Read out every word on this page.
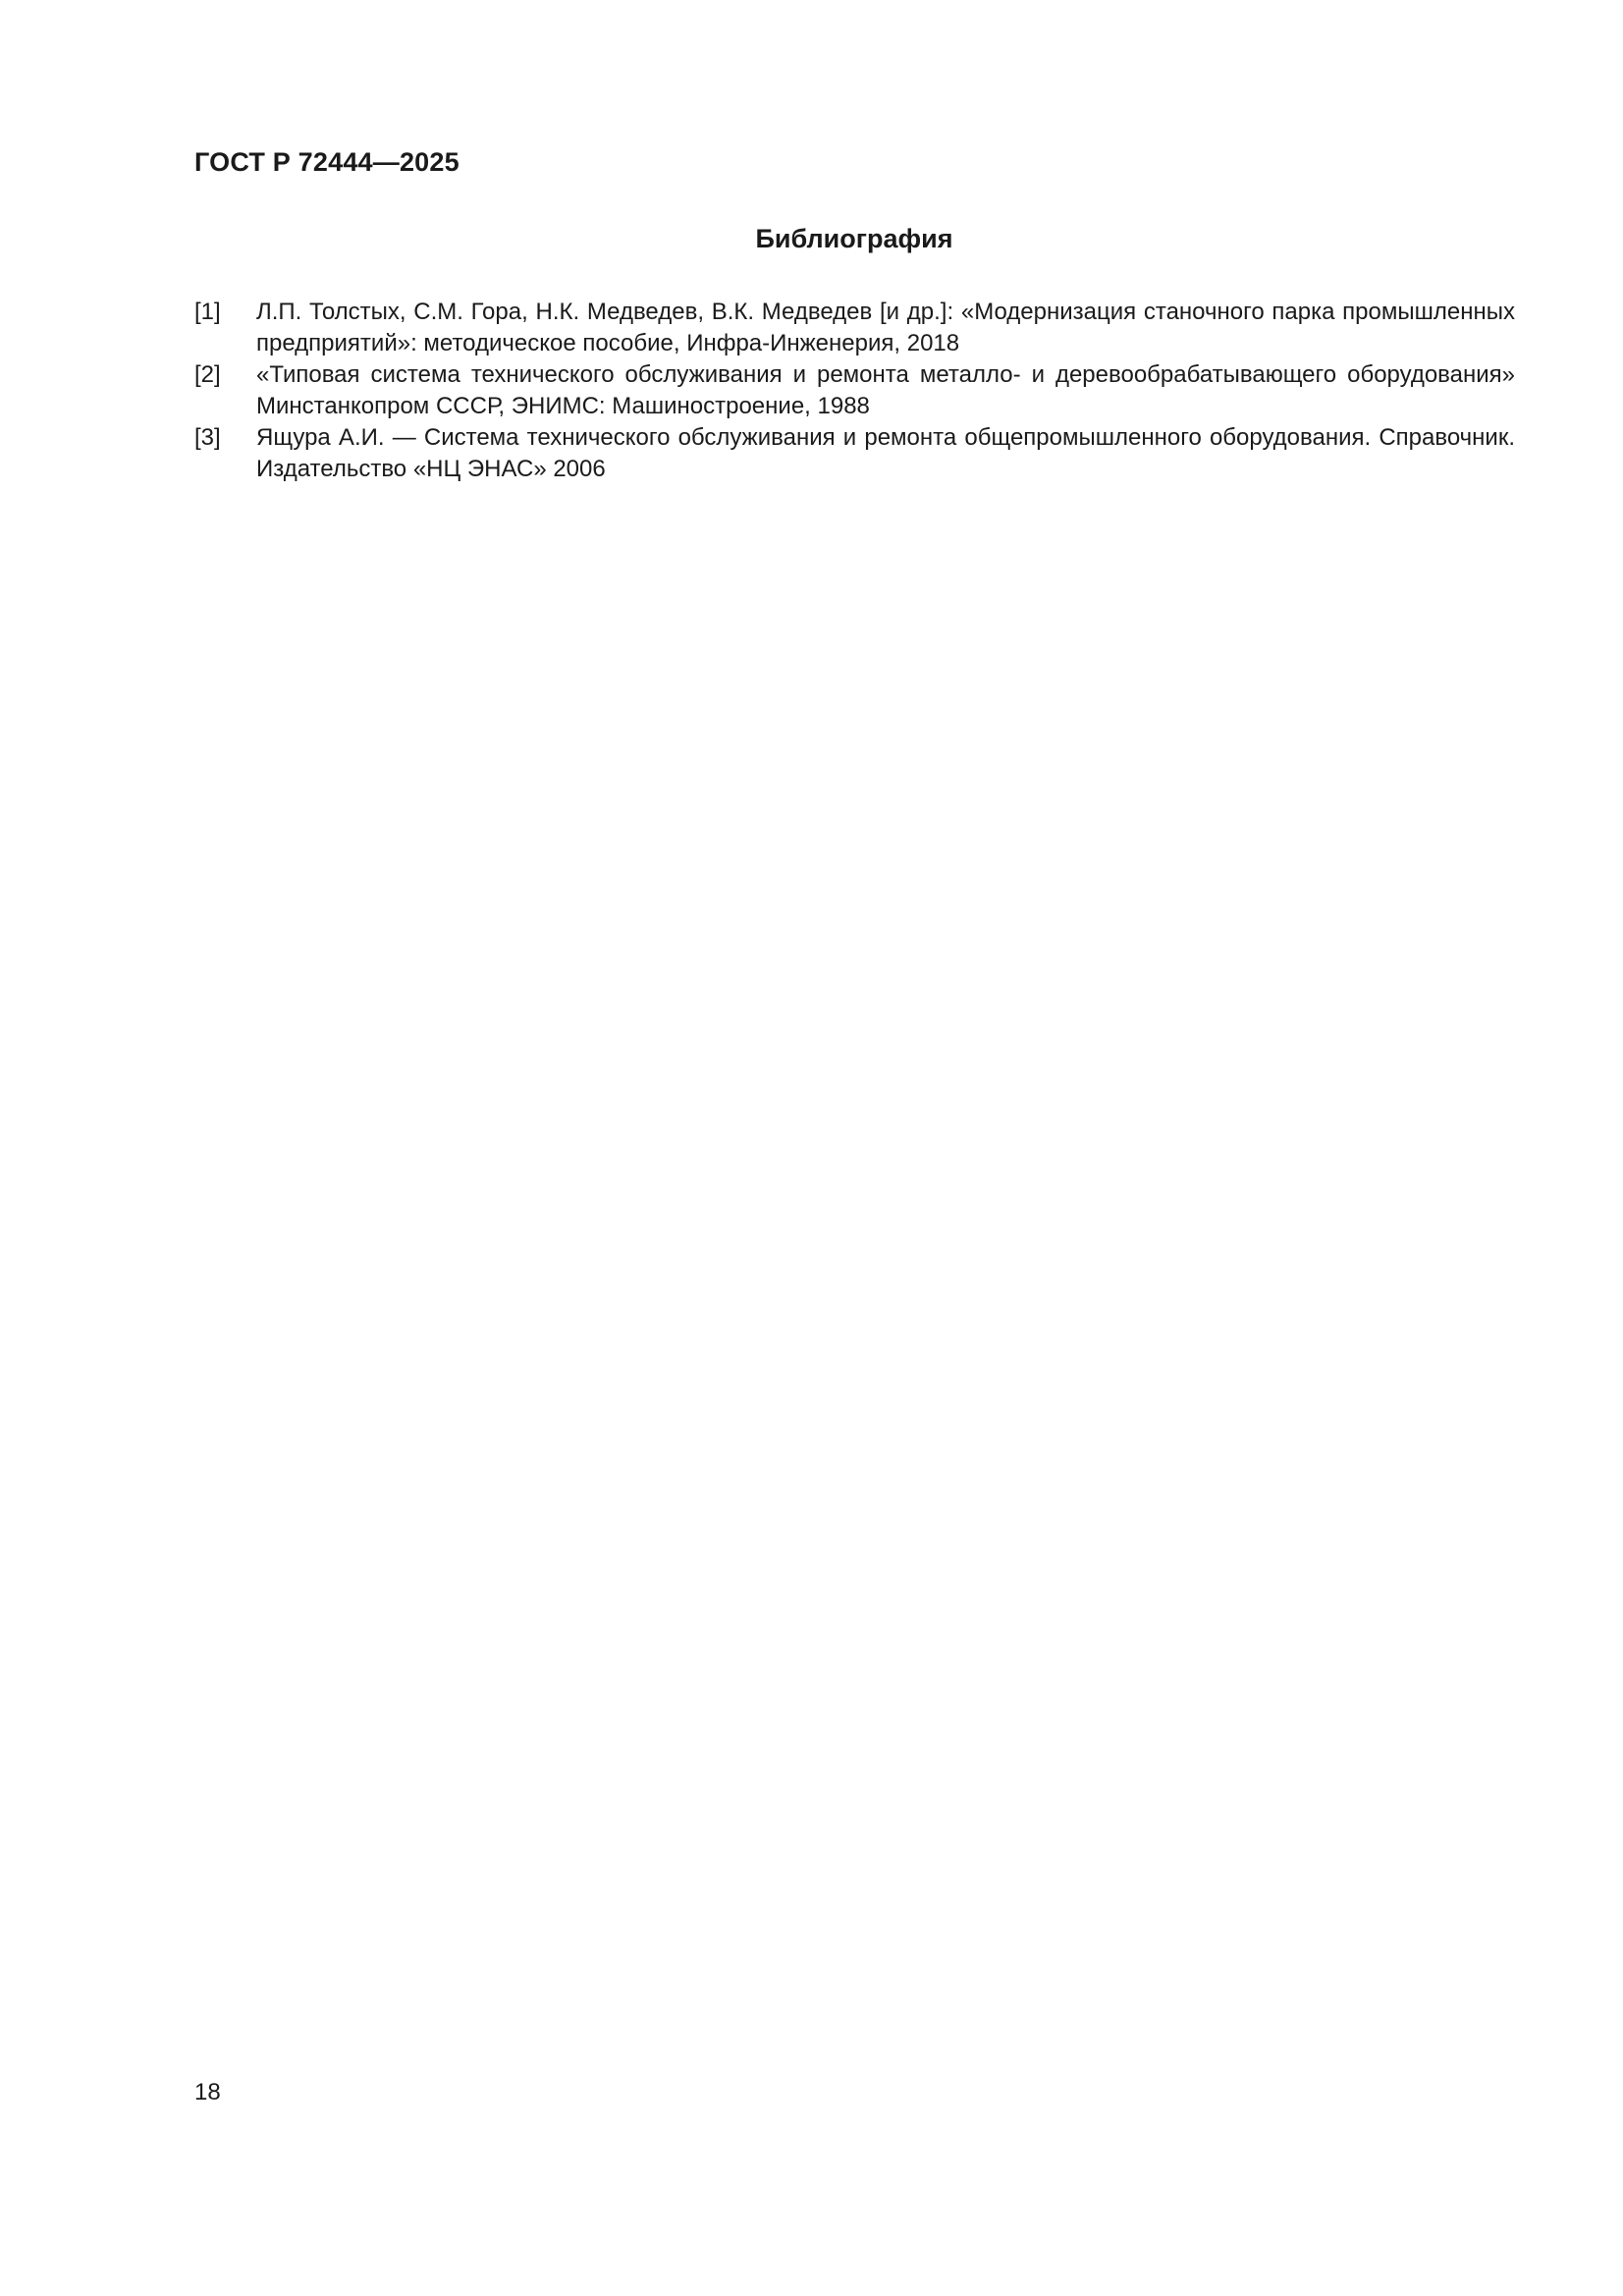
ГОСТ Р 72444—2025
Библиография
[1] Л.П. Толстых, С.М. Гора, Н.К. Медведев, В.К. Медведев [и др.]: «Модернизация станочного парка промышленных предприятий»: методическое пособие, Инфра-Инженерия, 2018
[2] «Типовая система технического обслуживания и ремонта металло- и деревообрабатывающего оборудования» Минстанкопром СССР, ЭНИМС: Машиностроение, 1988
[3] Ящура А.И. — Система технического обслуживания и ремонта общепромышленного оборудования. Справочник. Издательство «НЦ ЭНАС» 2006
18
